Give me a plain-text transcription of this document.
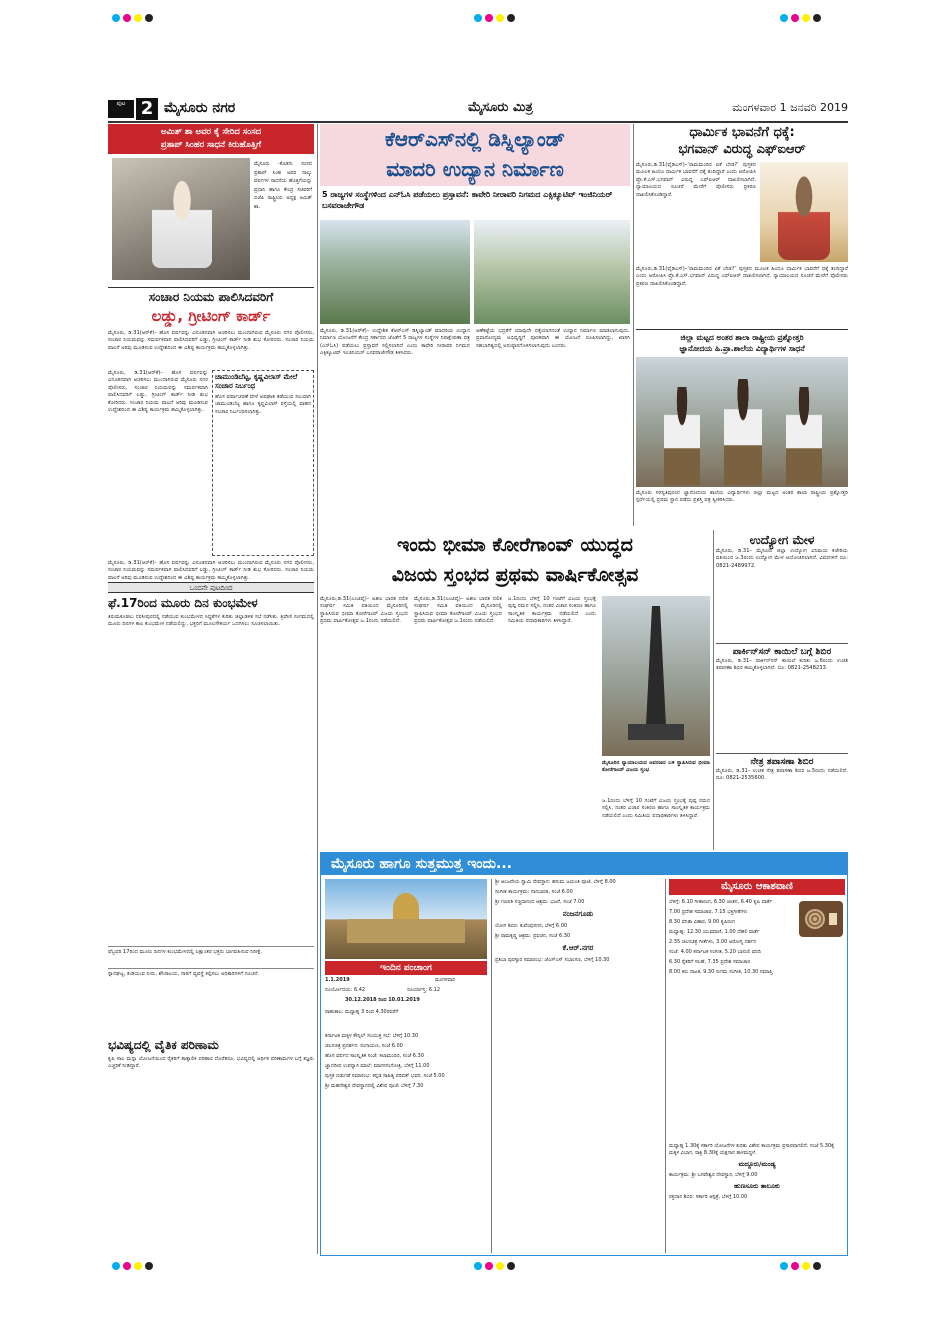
ಪುಟ 2 ಮೈಸೂರು ನಗರ	ಮೈಸೂರು ಮಿತ್ರ	ಮಂಗಳವಾರ 1 ಜನವರಿ 2019
ಅಮಿತ್ ಶಾ ಅವರ ಕೈ ಸೇರಿದ ಸಂಸದ
ಪ್ರತಾಪ್ ಸಿಂಹರ ಸಾಧನೆ ಕಿರುಹೊತ್ತಿಗೆ
ಮೈಸೂರು -ಕೊಡಗು ಸಂಸದ ಪ್ರತಾಪ್ ಸಿಂಹ ಅವರ ನಾಲ್ಕು ವರ್ಷಗಳ ಸಾಧನೆಯ ಹೊತ್ತಿಗೆಯನ್ನು ಪ್ರಧಾನಿ ಹಾಗೂ ಕೇಂದ್ರ ಸಚಿವರಿಗೆ ಬಿಜೆಪಿ ರಾಷ್ಟ್ರೀಯ ಅಧ್ಯಕ್ಷ ಅಮಿತ್ ಶಾ.
ಸಂಚಾರ ನಿಯಮ ಪಾಲಿಸಿದವರಿಗೆ
ಲಡ್ಡು, ಗ್ರೀಟಿಂಗ್ ಕಾರ್ಡ್
ಮೈಸೂರು, ಡಿ.31(ಆರ್‌ಕೆ)– ಹೊಸ ವರ್ಷವನ್ನು ವಿನೂತನವಾಗಿ ಆಚರಿಸಲು ಮುಂದಾಗಿರುವ ಮೈಸೂರು ನಗರ ಪೊಲೀಸರು, ಸಂಚಾರ ನಿಯಮವನ್ನು ಸಮರ್ಪಕವಾಗಿ ಪಾಲಿಸಿದವರಿಗೆ ಲಡ್ಡು, ಗ್ರೀಟಿಂಗ್ ಕಾರ್ಡ್ ನೀಡಿ ಶುಭ ಕೋರಿದರು. ಸಂಚಾರ ನಿಯಮ ಪಾಲನೆ ಅರಿವು ಮೂಡಿಸುವ ಉದ್ದೇಶದಿಂದ ಈ ವಿಶಿಷ್ಟ ಕಾರ್ಯಕ್ರಮ ಹಮ್ಮಿಕೊಳ್ಳಲಾಗಿತ್ತು.
ಮೈಸೂರು, ಡಿ.31(ಆರ್‌ಕೆ)– ಹೊಸ ವರ್ಷವನ್ನು ವಿನೂತನವಾಗಿ ಆಚರಿಸಲು ಮುಂದಾಗಿರುವ ಮೈಸೂರು ನಗರ ಪೊಲೀಸರು, ಸಂಚಾರ ನಿಯಮವನ್ನು ಸಮರ್ಪಕವಾಗಿ ಪಾಲಿಸಿದವರಿಗೆ ಲಡ್ಡು, ಗ್ರೀಟಿಂಗ್ ಕಾರ್ಡ್ ನೀಡಿ ಶುಭ ಕೋರಿದರು. ಸಂಚಾರ ನಿಯಮ ಪಾಲನೆ ಅರಿವು ಮೂಡಿಸುವ ಉದ್ದೇಶದಿಂದ ಈ ವಿಶಿಷ್ಟ ಕಾರ್ಯಕ್ರಮ ಹಮ್ಮಿಕೊಳ್ಳಲಾಗಿತ್ತು.
ಚಾಮುಂಡಿಬೆಟ್ಟ, ಕೃಷ್ಣವಿಲಾಸ್ ಮೇಲೆ ಸಂಚಾರ ನಿರ್ಬಂಧ
ಹೊಸ ವರ್ಷಾಚರಣೆ ವೇಳೆ ಅಪಘಾತ ತಡೆಯುವ ಸಲುವಾಗಿ ಚಾಮುಂಡಿಬೆಟ್ಟ ಹಾಗೂ ಕೃಷ್ಣವಿಲಾಸ್ ರಸ್ತೆಯಲ್ಲಿ ವಾಹನ ಸಂಚಾರ ನಿರ್ಬಂಧಿಸಲಾಗಿತ್ತು.
ಮೈಸೂರು, ಡಿ.31(ಆರ್‌ಕೆ)– ಹೊಸ ವರ್ಷವನ್ನು ವಿನೂತನವಾಗಿ ಆಚರಿಸಲು ಮುಂದಾಗಿರುವ ಮೈಸೂರು ನಗರ ಪೊಲೀಸರು, ಸಂಚಾರ ನಿಯಮವನ್ನು ಸಮರ್ಪಕವಾಗಿ ಪಾಲಿಸಿದವರಿಗೆ ಲಡ್ಡು, ಗ್ರೀಟಿಂಗ್ ಕಾರ್ಡ್ ನೀಡಿ ಶುಭ ಕೋರಿದರು. ಸಂಚಾರ ನಿಯಮ ಪಾಲನೆ ಅರಿವು ಮೂಡಿಸುವ ಉದ್ದೇಶದಿಂದ ಈ ವಿಶಿಷ್ಟ ಕಾರ್ಯಕ್ರಮ ಹಮ್ಮಿಕೊಳ್ಳಲಾಗಿತ್ತು.
ಒಂದನೇ ಪುಟದಿಂದ
ಫೆ.17ರಿಂದ ಮೂರು ದಿನ ಕುಂಭಮೇಳ
ತಿರುಮಕೂಡಲು ನರಸೀಪುರದಲ್ಲಿ ನಡೆಯುವ ಕುಂಭಮೇಳದ ಸಿದ್ಧತೆಗಳ ಕುರಿತು ಜಿಲ್ಲಾಡಳಿತ ಸಭೆ ನಡೆಸಿತು. ತ್ರಿವೇಣಿ ಸಂಗಮದಲ್ಲಿ ಮೂರು ದಿನಗಳ ಕಾಲ ಕುಂಭಮೇಳ ನಡೆಯಲಿದ್ದು, ಭಕ್ತರಿಗೆ ಮೂಲಸೌಕರ್ಯ ಒದಗಿಸಲು ಸೂಚಿಸಲಾಯಿತು.
ಫೆಬ್ರವರಿ 17ರಿಂದ ಮೂರು ದಿನಗಳ ಕುಂಭಮೇಳದಲ್ಲಿ ಲಕ್ಷಾಂತರ ಭಕ್ತರು ಭಾಗವಹಿಸುವ ನಿರೀಕ್ಷೆ.
ಸ್ನಾನಘಟ್ಟ, ಕುಡಿಯುವ ನೀರು, ಶೌಚಾಲಯ, ಸಾರಿಗೆ ವ್ಯವಸ್ಥೆ ಕಲ್ಪಿಸಲು ಅಧಿಕಾರಿಗಳಿಗೆ ಸೂಚನೆ.
ಭವಿಷ್ಯದಲ್ಲಿ ವೈತಿಕ ಪರಿಣಾಮ
ಕೃಷಿ ಸಾಲ ಮನ್ನಾ ಯೋಜನೆಯಿಂದ ರೈತರಿಗೆ ತಾತ್ಕಾಲಿಕ ಪರಿಹಾರ ದೊರೆತರೂ, ಭವಿಷ್ಯದಲ್ಲಿ ಆರ್ಥಿಕ ಪರಿಣಾಮಗಳ ಬಗ್ಗೆ ತಜ್ಞರು ಎಚ್ಚರಿಕೆ ನೀಡಿದ್ದಾರೆ.
ಕೆಆರ್‌ಎಸ್‌ನಲ್ಲಿ ಡಿಸ್ನಿಲ್ಯಾಂಡ್
ಮಾದರಿ ಉದ್ಯಾನ ನಿರ್ಮಾಣ
5 ರಾಜ್ಯಗಳ ಸಂಸ್ಥೆಗಳಿಂದ ಎನ್‌ಓಸಿ ಪಡೆಯಲು ಪ್ರಸ್ತಾವನೆ: ಕಾವೇರಿ ನೀರಾವರಿ ನಿಗಮದ ಎಕ್ಸಿಕ್ಯೂಟಿವ್ ಇಂಜಿನಿಯರ್ ಬಸವರಾಜೇಗೌಡ
ಮೈಸೂರು, ಡಿ.31(ಆರ್‌ಕೆ)– ಉದ್ದೇಶಿತ ಕೆಆರ್‌ಎಸ್ ಡಿಸ್ನಿಲ್ಯಾಂಡ್ ಮಾದರಿಯ ಉದ್ಯಾನ ನಿರ್ಮಾಣ ಯೋಜನೆಗೆ ಕೇಂದ್ರ ಸರ್ಕಾರದ ಜೊತೆಗೆ 5 ರಾಜ್ಯಗಳ ಸಂಸ್ಥೆಗಳ ನಿರಾಕ್ಷೇಪಣಾ ಪತ್ರ (ಎನ್‌ಓಸಿ) ಪಡೆಯಲು ಪ್ರಸ್ತಾವನೆ ಸಲ್ಲಿಸಲಾಗಿದೆ ಎಂದು ಕಾವೇರಿ ನೀರಾವರಿ ನಿಗಮದ ಎಕ್ಸಿಕ್ಯೂಟಿವ್ ಇಂಜಿನಿಯರ್ ಬಸವರಾಜೇಗೌಡ ತಿಳಿಸಿದರು.
ಅಣೆಕಟ್ಟೆಯ ಭದ್ರತೆಗೆ ಯಾವುದೇ ಧಕ್ಕೆಯಾಗದಂತೆ ಉದ್ಯಾನ ನಿರ್ಮಾಣ ಮಾಡಲಾಗುವುದು. ಪ್ರವಾಸೋದ್ಯಮ ಅಭಿವೃದ್ಧಿಗೆ ಪೂರಕವಾಗಿ ಈ ಯೋಜನೆ ರೂಪಿಸಲಾಗಿದ್ದು, ಖಾಸಗಿ ಸಹಭಾಗಿತ್ವದಲ್ಲಿ ಅನುಷ್ಠಾನಗೊಳಿಸಲಾಗುವುದು ಎಂದರು.
ಧಾರ್ಮಿಕ ಭಾವನೆಗೆ ಧಕ್ಕೆ:
ಭಗವಾನ್ ವಿರುದ್ಧ ಎಫ್‌ಐಆರ್
ಮೈಸೂರು,ಡಿ.31(ವೈಡಿಎಸ್)–‘ರಾಮಮಂದಿರ ಏಕೆ ಬೇಡ?’ ಪುಸ್ತಕದ ಮೂಲಕ ಹಿಂದೂ ಧಾರ್ಮಿಕ ಭಾವನೆಗೆ ಧಕ್ಕೆ ತಂದಿದ್ದಾರೆ ಎಂದು ಆರೋಪಿಸಿ ಪ್ರೊ.ಕೆ.ಎಸ್.ಭಗವಾನ್ ವಿರುದ್ಧ ಎಫ್‌ಐಆರ್ ದಾಖಲಿಸಲಾಗಿದೆ. ನ್ಯಾಯಾಲಯದ ಸೂಚನೆ ಮೇರೆಗೆ ಪೊಲೀಸರು ಪ್ರಕರಣ ದಾಖಲಿಸಿಕೊಂಡಿದ್ದಾರೆ.
ಮೈಸೂರು,ಡಿ.31(ವೈಡಿಎಸ್)–‘ರಾಮಮಂದಿರ ಏಕೆ ಬೇಡ?’ ಪುಸ್ತಕದ ಮೂಲಕ ಹಿಂದೂ ಧಾರ್ಮಿಕ ಭಾವನೆಗೆ ಧಕ್ಕೆ ತಂದಿದ್ದಾರೆ ಎಂದು ಆರೋಪಿಸಿ ಪ್ರೊ.ಕೆ.ಎಸ್.ಭಗವಾನ್ ವಿರುದ್ಧ ಎಫ್‌ಐಆರ್ ದಾಖಲಿಸಲಾಗಿದೆ. ನ್ಯಾಯಾಲಯದ ಸೂಚನೆ ಮೇರೆಗೆ ಪೊಲೀಸರು ಪ್ರಕರಣ ದಾಖಲಿಸಿಕೊಂಡಿದ್ದಾರೆ.
ಜಿಲ್ಲಾ ಮಟ್ಟದ ಅಂತರ ಶಾಲಾ ರಾಷ್ಟ್ರೀಯ ಪ್ರಶ್ನೋತ್ತರಿ
ಜ್ಞಾನೋದಯ ಹಿ.ಪ್ರಾ.ಶಾಲೆಯ ವಿದ್ಯಾರ್ಥಿಗಳ ಸಾಧನೆ
ಮೈಸೂರು ಸರಸ್ವತಿಪುರಂನ ಜ್ಞಾನೋದಯ ಶಾಲೆಯ ವಿದ್ಯಾರ್ಥಿಗಳು ಜಿಲ್ಲಾ ಮಟ್ಟದ ಅಂತರ ಶಾಲಾ ರಾಷ್ಟ್ರೀಯ ಪ್ರಶ್ನೋತ್ತರಿ ಸ್ಪರ್ಧೆಯಲ್ಲಿ ಪ್ರಥಮ ಸ್ಥಾನ ಪಡೆದು ಪ್ರಶಸ್ತಿ ಪತ್ರ ಸ್ವೀಕರಿಸಿದರು.
ಇಂದು ಭೀಮಾ ಕೋರೆಗಾಂವ್ ಯುದ್ಧದ
ವಿಜಯ ಸ್ತಂಭದ ಪ್ರಥಮ ವಾರ್ಷಿಕೋತ್ಸವ
ಮೈಸೂರು,ಡಿ.31(ಎಂಟಿವೈ)– ಅಖಿಲ ಭಾರತ ದಲಿತ ಸಂಘರ್ಷ ಸಮಿತಿ ವತಿಯಿಂದ ಮೈಸೂರಿನಲ್ಲಿ ಸ್ಥಾಪಿಸಿರುವ ಭೀಮಾ ಕೋರೆಗಾಂವ್ ವಿಜಯ ಸ್ತಂಭದ ಪ್ರಥಮ ವಾರ್ಷಿಕೋತ್ಸವ ಜ.1ರಂದು ನಡೆಯಲಿದೆ.
ಮೈಸೂರು,ಡಿ.31(ಎಂಟಿವೈ)– ಅಖಿಲ ಭಾರತ ದಲಿತ ಸಂಘರ್ಷ ಸಮಿತಿ ವತಿಯಿಂದ ಮೈಸೂರಿನಲ್ಲಿ ಸ್ಥಾಪಿಸಿರುವ ಭೀಮಾ ಕೋರೆಗಾಂವ್ ವಿಜಯ ಸ್ತಂಭದ ಪ್ರಥಮ ವಾರ್ಷಿಕೋತ್ಸವ ಜ.1ರಂದು ನಡೆಯಲಿದೆ.
ಜ.1ರಂದು ಬೆಳಿಗ್ಗೆ 10 ಗಂಟೆಗೆ ವಿಜಯ ಸ್ತಂಭಕ್ಕೆ ಪುಷ್ಪ ನಮನ ಸಲ್ಲಿಸಿ, ನಂತರ ವಿಚಾರ ಸಂಕಿರಣ ಹಾಗೂ ಸಾಂಸ್ಕೃತಿಕ ಕಾರ್ಯಕ್ರಮ ನಡೆಯಲಿದೆ ಎಂದು ಸಮಿತಿಯ ಪದಾಧಿಕಾರಿಗಳು ತಿಳಿಸಿದ್ದಾರೆ.
ಮೈಸೂರಿನ ನ್ಯಾಯಾಲಯದ ಆವರಣದ ಬಳಿ ಸ್ಥಾಪಿಸಿರುವ ಭೀಮಾ ಕೋರೆಗಾಂವ್ ವಿಜಯ ಸ್ತಂಭ
ಜ.1ರಂದು ಬೆಳಿಗ್ಗೆ 10 ಗಂಟೆಗೆ ವಿಜಯ ಸ್ತಂಭಕ್ಕೆ ಪುಷ್ಪ ನಮನ ಸಲ್ಲಿಸಿ, ನಂತರ ವಿಚಾರ ಸಂಕಿರಣ ಹಾಗೂ ಸಾಂಸ್ಕೃತಿಕ ಕಾರ್ಯಕ್ರಮ ನಡೆಯಲಿದೆ ಎಂದು ಸಮಿತಿಯ ಪದಾಧಿಕಾರಿಗಳು ತಿಳಿಸಿದ್ದಾರೆ.
ಉದ್ಯೋಗ ಮೇಳ
ಮೈಸೂರು, ಡಿ.31– ಮೈಸೂರು ಜಿಲ್ಲಾ ಉದ್ಯೋಗ ವಿನಿಮಯ ಕಚೇರಿಯ ವತಿಯಿಂದ ಜ.3ರಂದು ಉದ್ಯೋಗ ಮೇಳ ಆಯೋಜಿಸಲಾಗಿದೆ. ವಿವರಗಳಿಗೆ ದೂ: 0821-2489972.
ಪಾರ್ಕಿನ್‌ಸನ್ ಕಾಯಿಲೆ ಬಗ್ಗೆ ಶಿಬಿರ
ಮೈಸೂರು, ಡಿ.31– ಪಾರ್ಕಿನ್‌ಸನ್ ಕಾಯಿಲೆ ಕುರಿತು ಜ.6ರಂದು ಉಚಿತ ತಪಾಸಣಾ ಶಿಬಿರ ಹಮ್ಮಿಕೊಳ್ಳಲಾಗಿದೆ. ದೂ: 0821-2548233.
ನೇತ್ರ ತಪಾಸಣಾ ಶಿಬಿರ
ಮೈಸೂರು, ಡಿ.31– ಉಚಿತ ನೇತ್ರ ತಪಾಸಣಾ ಶಿಬಿರ ಜ.5ರಂದು ನಡೆಯಲಿದೆ. ದೂ: 0821-2535600.
ಮೈಸೂರು ಹಾಗೂ ಸುತ್ತಮುತ್ತ ಇಂದು...
ಇಂದಿನ ಪಂಚಾಂಗ
1.1.2019	ಮಂಗಳವಾರ
ಸೂರ್ಯೋದಯ: 6.42	ಸೂರ್ಯಾಸ್ತ: 6.12
30.12.2018 ರಿಂದ 10.01.2019
ರಾಹುಕಾಲ: ಮಧ್ಯಾಹ್ನ 3 ರಿಂದ 4.30ರವರೆಗೆ
ಕರ್ನಾಟಕ ಮಕ್ಕಳ ಕೌನ್ಸಿಲ್ ಸಂಯುಕ್ತ ಸಭೆ: ಬೆಳಿಗ್ಗೆ 10.30
ಚಲನಚಿತ್ರ ಪ್ರದರ್ಶನ: ರಂಗಾಯಣ, ಸಂಜೆ 6.00
ಹೊಸ ವರ್ಷದ ಸಾಂಸ್ಕೃತಿಕ ಸಂಜೆ: ಕಲಾಮಂದಿರ, ಸಂಜೆ 6.30
ಜ್ಞಾನದೀಪ ಉಪನ್ಯಾಸ ಮಾಲೆ: ಮಾನಸಗಂಗೋತ್ರಿ, ಬೆಳಿಗ್ಗೆ 11.00
ಪುಸ್ತಕ ಬಿಡುಗಡೆ ಸಮಾರಂಭ: ಕನ್ನಡ ಸಾಹಿತ್ಯ ಪರಿಷತ್ ಭವನ, ಸಂಜೆ 5.00
ಶ್ರೀ ಮಹದೇಶ್ವರ ದೇವಸ್ಥಾನದಲ್ಲಿ ವಿಶೇಷ ಪೂಜೆ: ಬೆಳಿಗ್ಗೆ 7.30
ಶ್ರೀ ಆಂಜನೇಯ ಸ್ವಾಮಿ ದೇವಸ್ಥಾನ: ಹನುಮ ಜಯಂತಿ ಪೂಜೆ, ಬೆಳಿಗ್ಗೆ 8.00
ಸಂಗೀತ ಕಾರ್ಯಕ್ರಮ: ಗಾನಭಾರತಿ, ಸಂಜೆ 6.00
ಶ್ರೀ ಗಣಪತಿ ಸಚ್ಚಿದಾನಂದ ಆಶ್ರಮ: ಭಜನೆ, ಸಂಜೆ 7.00
ನಂಜನಗೂಡು
ಯೋಗ ಶಿಬಿರ: ಕುವೆಂಪುನಗರ, ಬೆಳಿಗ್ಗೆ 6.00
ಶ್ರೀ ರಾಮಕೃಷ್ಣ ಆಶ್ರಮ: ಪ್ರವಚನ, ಸಂಜೆ 6.30
ಕೆ.ಆರ್.ನಗರ
ಪ್ರತಿಭಾ ಪುರಸ್ಕಾರ ಸಮಾರಂಭ: ಜೆಎಸ್‌ಎಸ್ ಸಭಾಂಗಣ, ಬೆಳಿಗ್ಗೆ 10.30
ಮೈಸೂರು ಆಕಾಶವಾಣಿ
ಬೆಳಿಗ್ಗೆ: 6.10 ಗೀತಾರಂಗ, 6.30 ಚಿಂತನ, 6.40 ಕೃಷಿ ವಾರ್ತೆ
7.00 ಪ್ರದೇಶ ಸಮಾಚಾರ, 7.15 ಭಕ್ತಿಗೀತೆಗಳು
8.30 ವನಿತಾ ವಿಹಾರ, 9.00 ಕೃಷಿರಂಗ
ಮಧ್ಯಾಹ್ನ: 12.30 ಯುವವಾಣಿ, 1.00 ದೆಹಲಿ ವಾರ್ತೆ
2.35 ಚಲನಚಿತ್ರ ಗೀತೆಗಳು, 3.00 ಆರೋಗ್ಯ ದರ್ಶನ
ಸಂಜೆ: 4.00 ಕರ್ನಾಟಕ ಸಂಗೀತ, 5.20 ಬಾನುಲಿ ವರದಿ
6.30 ರೈತರಿಗೆ ಸಲಹೆ, 7.35 ಪ್ರದೇಶ ಸಮಾಚಾರ
8.00 ಕಿರು ನಾಟಕ, 9.30 ಸುಗಮ ಸಂಗೀತ, 10.30 ಸಮಾಪ್ತಿ
ಮಧ್ಯಾಹ್ನ 1.30ಕ್ಕೆ ಸರ್ಕಾರಿ ಯೋಜನೆಗಳ ಕುರಿತು ವಿಶೇಷ ಕಾರ್ಯಕ್ರಮ ಪ್ರಸಾರವಾಗಲಿದೆ. ಸಂಜೆ 5.30ಕ್ಕೆ ಮಕ್ಕಳ ವಿಭಾಗ, ರಾತ್ರಿ 8.30ಕ್ಕೆ ಯಕ್ಷಗಾನ ತಾಳಮದ್ದಳೆ.
ಮದ್ದೂರು/ಮಂಡ್ಯ
ಕಾರ್ಯಕ್ರಮ: ಶ್ರೀ ಬಸವೇಶ್ವರ ದೇವಸ್ಥಾನ, ಬೆಳಿಗ್ಗೆ 9.00
ಹುಣಸೂರು ತಾಲೂಕು
ರಕ್ತದಾನ ಶಿಬಿರ: ಸರ್ಕಾರಿ ಆಸ್ಪತ್ರೆ, ಬೆಳಿಗ್ಗೆ 10.00
